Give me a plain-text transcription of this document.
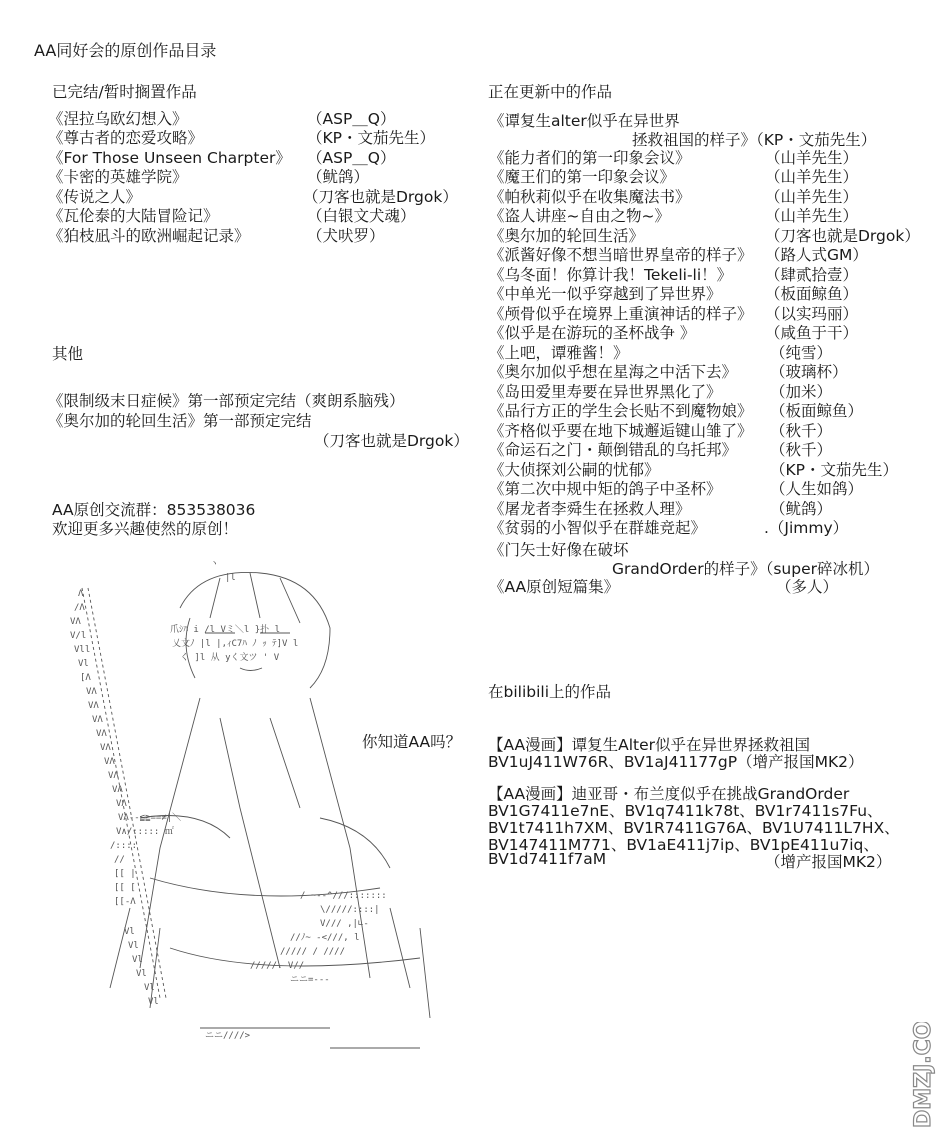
AA同好会的原创作品目录
已完结/暂时搁置作品
《涅拉乌欧幻想入》	（ASP＿Q）
《尊古者的恋爱攻略》	（KP・文茄先生）
《For Those Unseen Charpter》 （ASP＿Q）
《卡密的英雄学院》	（鱿鸽）
《传说之人》	（刀客也就是Drgok）
《瓦伦泰的大陆冒险记》	（白银文犬魂）
《狛枝凪斗的欧洲崛起记录》	（犬吠罗）
其他
《限制级末日症候》第一部预定完结（爽朗系脑残）
《奥尔加的轮回生活》第一部预定完结
（刀客也就是Drgok）
AA原创交流群：853538036
欢迎更多兴趣使然的原创！
你知道AA吗？
正在更新中的作品
《谭复生alter似乎在异世界
拯救祖国的样子》（KP・文茄先生）
《能力者们的第一印象会议》	（山羊先生）
《魔王们的第一印象会议》	（山羊先生）
《帕秋莉似乎在收集魔法书》	（山羊先生）
《盗人讲座~自由之物~》	（山羊先生）
《奥尔加的轮回生活》	（刀客也就是Drgok）
《派酱好像不想当暗世界皇帝的样子》 （路人式GM）
《乌冬面！你算计我！Tekeli-li！》 （肆贰拾壹）
《中单光一似乎穿越到了异世界》	（板面鲸鱼）
《颅骨似乎在境界上重演神话的样子》 （以实玛丽）
《似乎是在游玩的圣杯战争 》	（咸鱼于干）
《上吧，谭雅酱！》	（纯雪）
《奥尔加似乎想在星海之中活下去》 （玻璃杯）
《岛田爱里寿要在异世界黑化了》	（加米）
《品行方正的学生会长贴不到魔物娘》 （板面鲸鱼）
《齐格似乎要在地下城邂逅键山雏了》 （秋千）
《命运石之门・颠倒错乱的乌托邦》 （秋千）
《大侦探刘公嗣的忧郁》	（KP・文茄先生）
《第二次中规中矩的鸽子中圣杯》	（人生如鸽）
《屠龙者李舜生在拯救人理》	（鱿鸽）
《贫弱的小智似乎在群雄竞起》	.（Jimmy）
《门矢士好像在破坏
GrandOrder的样子》（super碎冰机）
《AA原创短篇集》	（多人）
在bilibili上的作品
【AA漫画】谭复生Alter似乎在异世界拯救祖国
BV1uJ411W76R、BV1aJ41177gP（增产报国MK2）
【AA漫画】迪亚哥・布兰度似乎在挑战GrandOrder
BV1G7411e7nE、BV1q7411k78t、BV1r7411s7Fu、
BV1t7411h7XM、BV1R7411G76A、BV1U7411L7HX、
BV147411M771、BV1aE411j7ip、BV1pE411u7iq、
BV1d7411f7aM	（增产报国MK2）
ヽ
|l
Λ
/Λ
VΛ
V/l
Vll
Vl
[Λ
VΛ
VΛ
VΛ
VΛ
VΛ
VΛ
VΛ
VΛ
VΛ
VΛ--≦≧==≠|＼
V∧/::::: ㎡
/::::
//
[[ |
[[ [
[[-Λ
Vl
Vl
Vl
Vl
Vl
Vl
ニニ////>
爪ｼﾊ i /l Vミ＼l }扑 l
乂文ﾉ |l |,ｨC7ﾊ ﾉ ｯ ﾃ]V l
く ]l 从 yく文ツ ' V
/ ~--^///:::::::
\/////::::|
V/// ,|∟-
//ﾉ~ -<///, l
///// / ////
/////. V//
ニニ=---
DMZJ.COM
